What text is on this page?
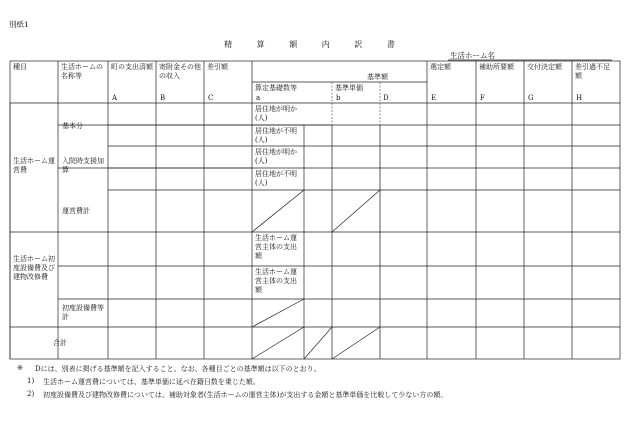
別紙1
精 算 額 内 訳 書
生活ホーム名
種目	生活ホームの名称等
町の支出済額
A
寄附金その他の収入
B
差引額
C
基準額
D
算定基礎数等
a
基準単価
b
選定額
E
補助所要額
F
交付決定額
G
差引過不足額
H
生活ホーム運営費
基本分
居住地が明か(人)
居住地が不明(人)
入院時支援加算
居住地が明か(人)
居住地が不明(人)
運営費計
生活ホーム初度設備費及び建物改修費
生活ホーム運営主体の支出額
生活ホーム運営主体の支出額
初度設備費等計
合計
※ Dには、別表に掲げる基準額を記入すること。なお、各種目ごとの基準額は以下のとおり。
1) 生活ホーム運営費については、基準単価に延べ在籍日数を乗じた額。
2) 初度設備費及び建物改修費については、補助対象者(生活ホームの運営主体)が支出する金額と基準単価を比較して少ない方の額。
